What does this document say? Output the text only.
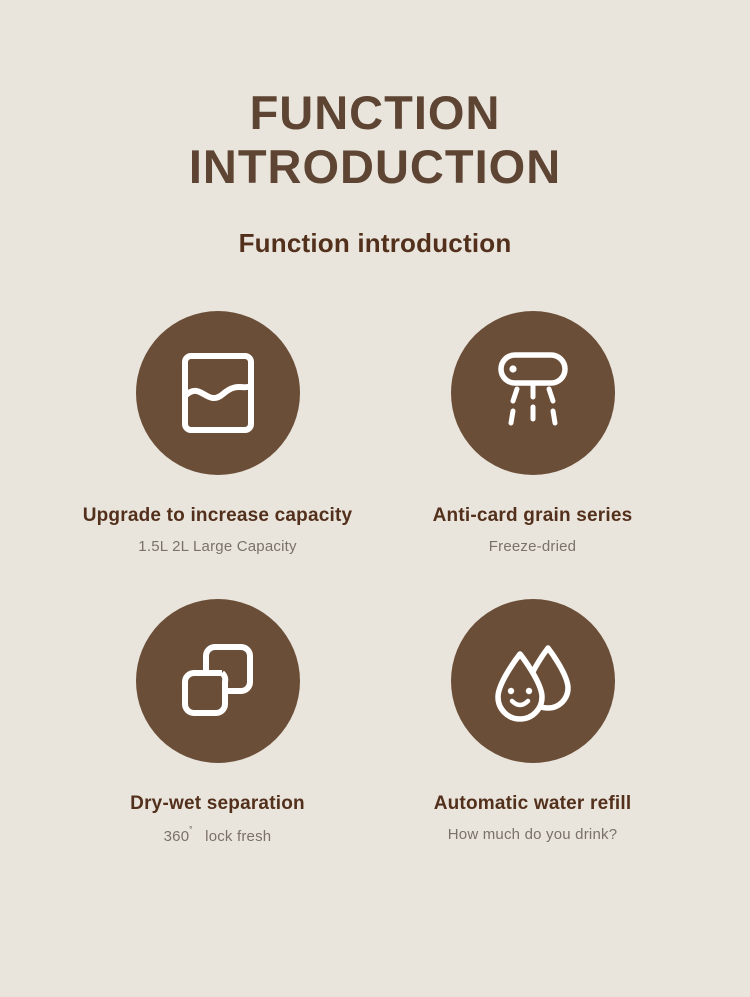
FUNCTION
INTRODUCTION
Function introduction
Upgrade to increase capacity
1.5L 2L Large Capacity
Anti-card grain series
Freeze-dried
Dry-wet separation
360˚ lock fresh
Automatic water refill
How much do you drink?
